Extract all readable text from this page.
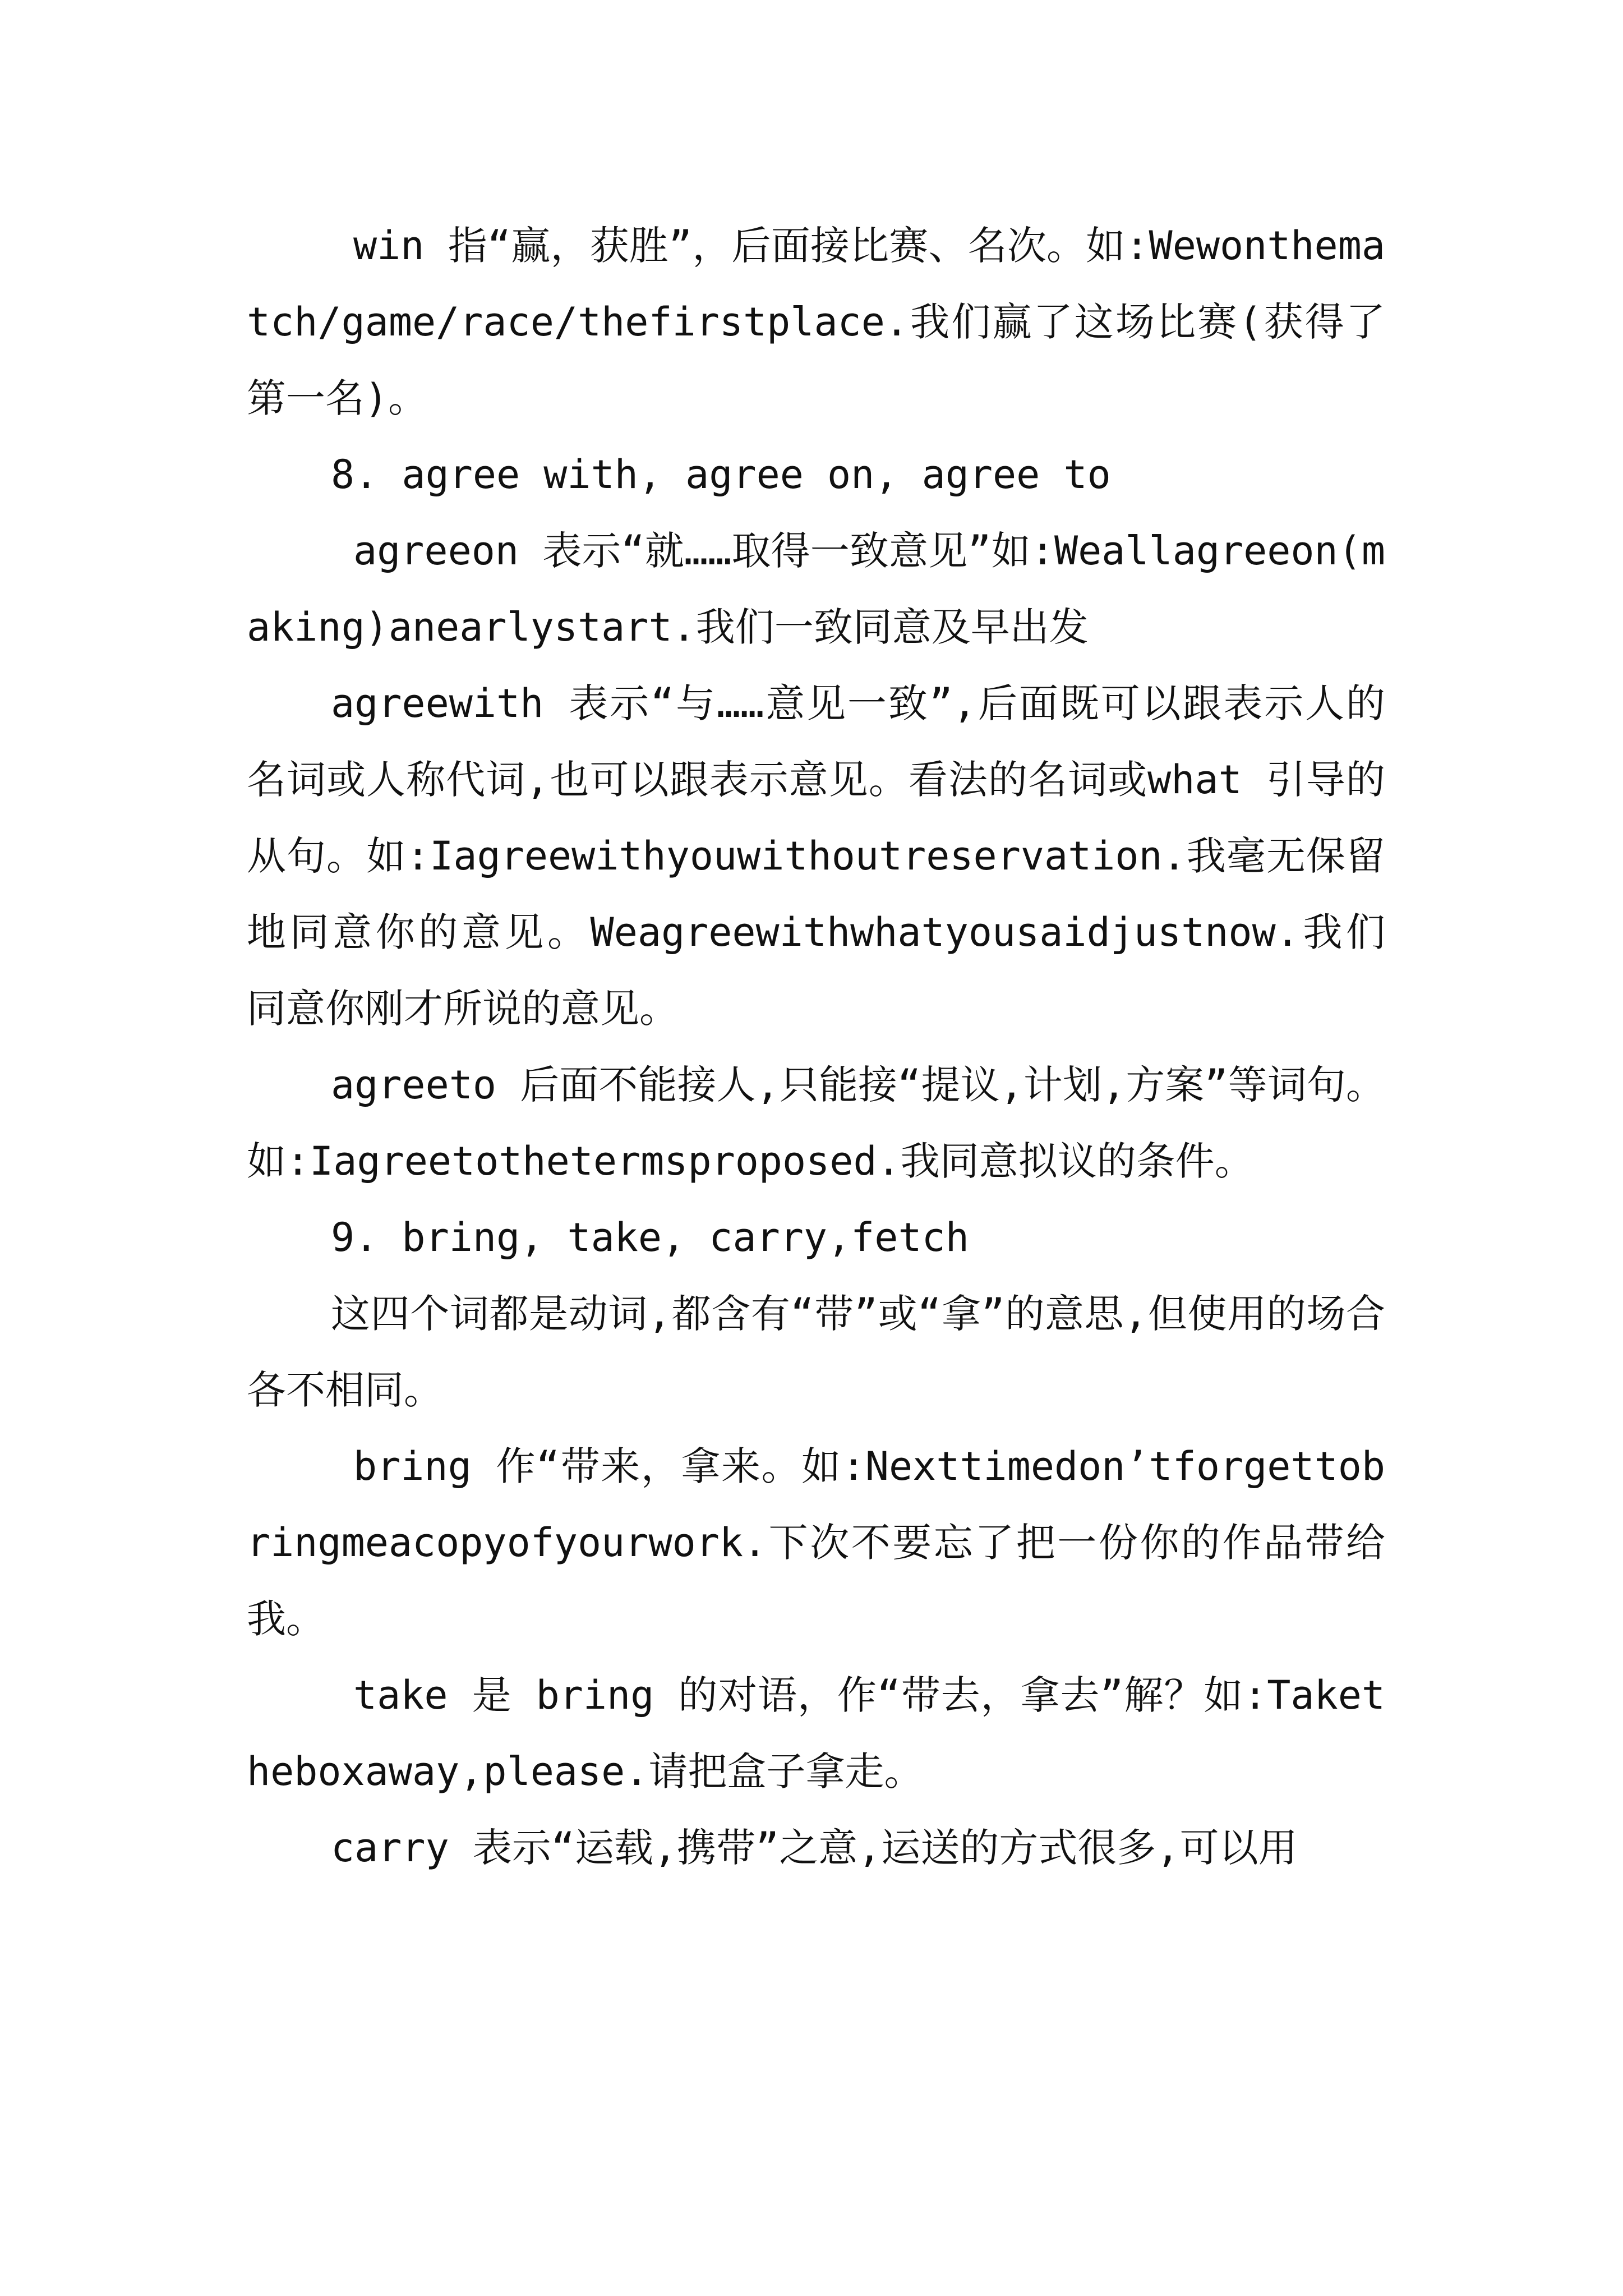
win 指“赢，获胜”，后面接比赛、名次。如:Wewonthematch/game/race/thefirstplace.我们赢了这场比赛(获得了第一名)。

8. agree with, agree on, agree to

agreeon 表示“就……取得一致意见”如:Weallagreeon(making)anearlystart.我们一致同意及早出发

agreewith 表示“与……意见一致”,后面既可以跟表示人的名词或人称代词,也可以跟表示意见。看法的名词或what 引导的从句。如:Iagreewithyouwithoutreservation.我毫无保留地同意你的意见。Weagreewithwhatyousaidjustnow.我们同意你刚才所说的意见。

agreeto 后面不能接人,只能接“提议,计划,方案”等词句。如:Iagreetothetermsproposed.我同意拟议的条件。

9. bring, take, carry,fetch

这四个词都是动词,都含有“带”或“拿”的意思,但使用的场合各不相同。

bring 作“带来，拿来。如:Nexttimedon’tforgettobringmeacopyofyourwork.下次不要忘了把一份你的作品带给我。

take 是 bring 的对语，作“带去，拿去”解？如:Taketheboxaway,please.请把盒子拿走。

carry 表示“运载,携带”之意,运送的方式很多,可以用
